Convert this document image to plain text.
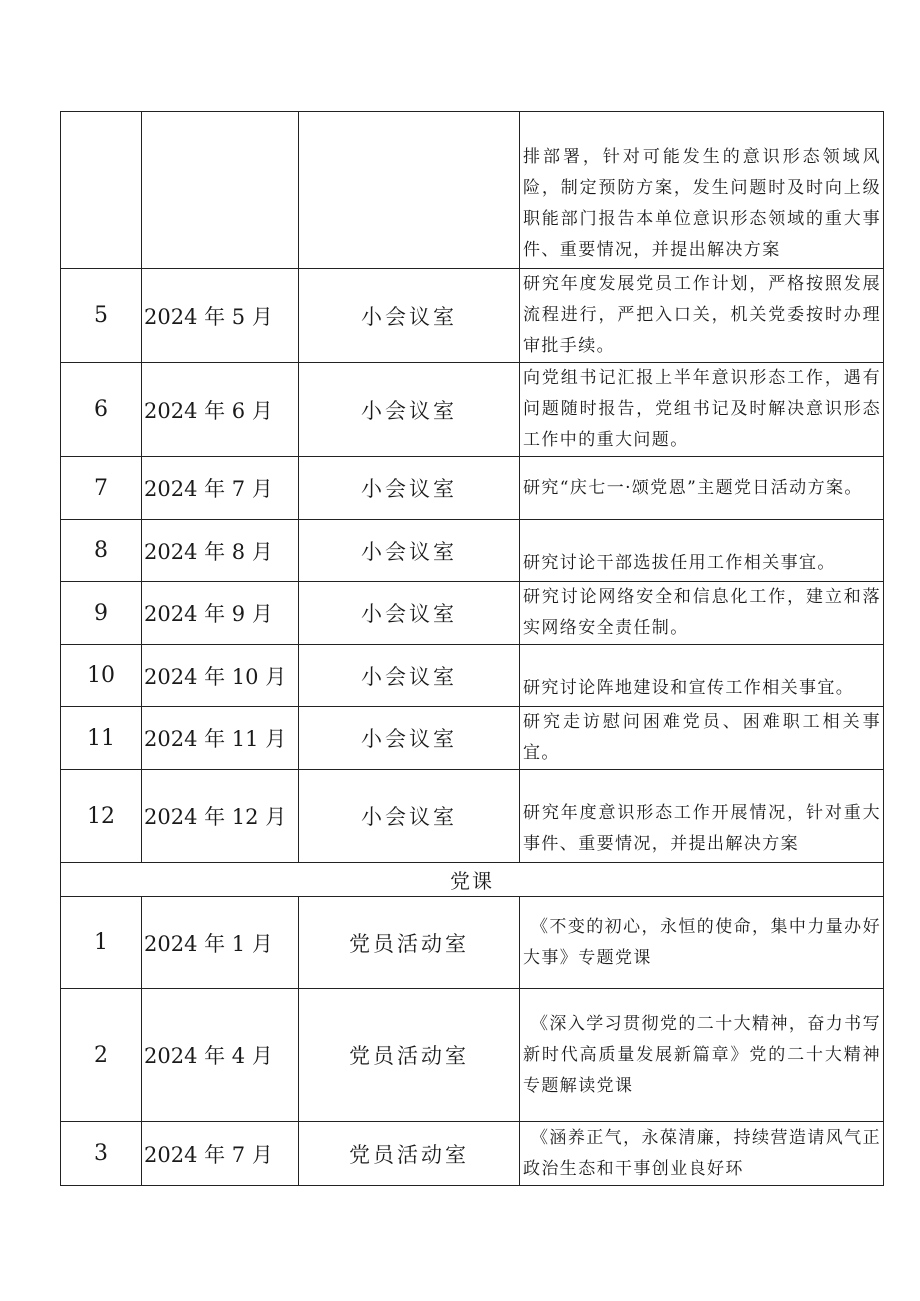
			排部署，针对可能发生的意识形态领域风险，制定预防方案，发生问题时及时向上级职能部门报告本单位意识形态领域的重大事件、重要情况，并提出解决方案
5	2024 年 5 月	小会议室	研究年度发展党员工作计划，严格按照发展流程进行，严把入口关，机关党委按时办理审批手续。
6	2024 年 6 月	小会议室	向党组书记汇报上半年意识形态工作，遇有问题随时报告，党组书记及时解决意识形态工作中的重大问题。
7	2024 年 7 月	小会议室	研究“庆七一·颂党恩”主题党日活动方案。
8	2024 年 8 月	小会议室	研究讨论干部选拔任用工作相关事宜。
9	2024 年 9 月	小会议室	研究讨论网络安全和信息化工作，建立和落实网络安全责任制。
10	2024 年 10 月	小会议室	研究讨论阵地建设和宣传工作相关事宜。
11	2024 年 11 月	小会议室	研究走访慰问困难党员、困难职工相关事宜。
12	2024 年 12 月	小会议室	研究年度意识形态工作开展情况，针对重大事件、重要情况，并提出解决方案
党课			
1	2024 年 1 月	党员活动室	《不变的初心，永恒的使命，集中力量办好大事》专题党课
2	2024 年 4 月	党员活动室	《深入学习贯彻党的二十大精神，奋力书写新时代高质量发展新篇章》党的二十大精神专题解读党课
3	2024 年 7 月	党员活动室	《涵养正气，永葆清廉，持续营造请风气正政治生态和干事创业良好环
